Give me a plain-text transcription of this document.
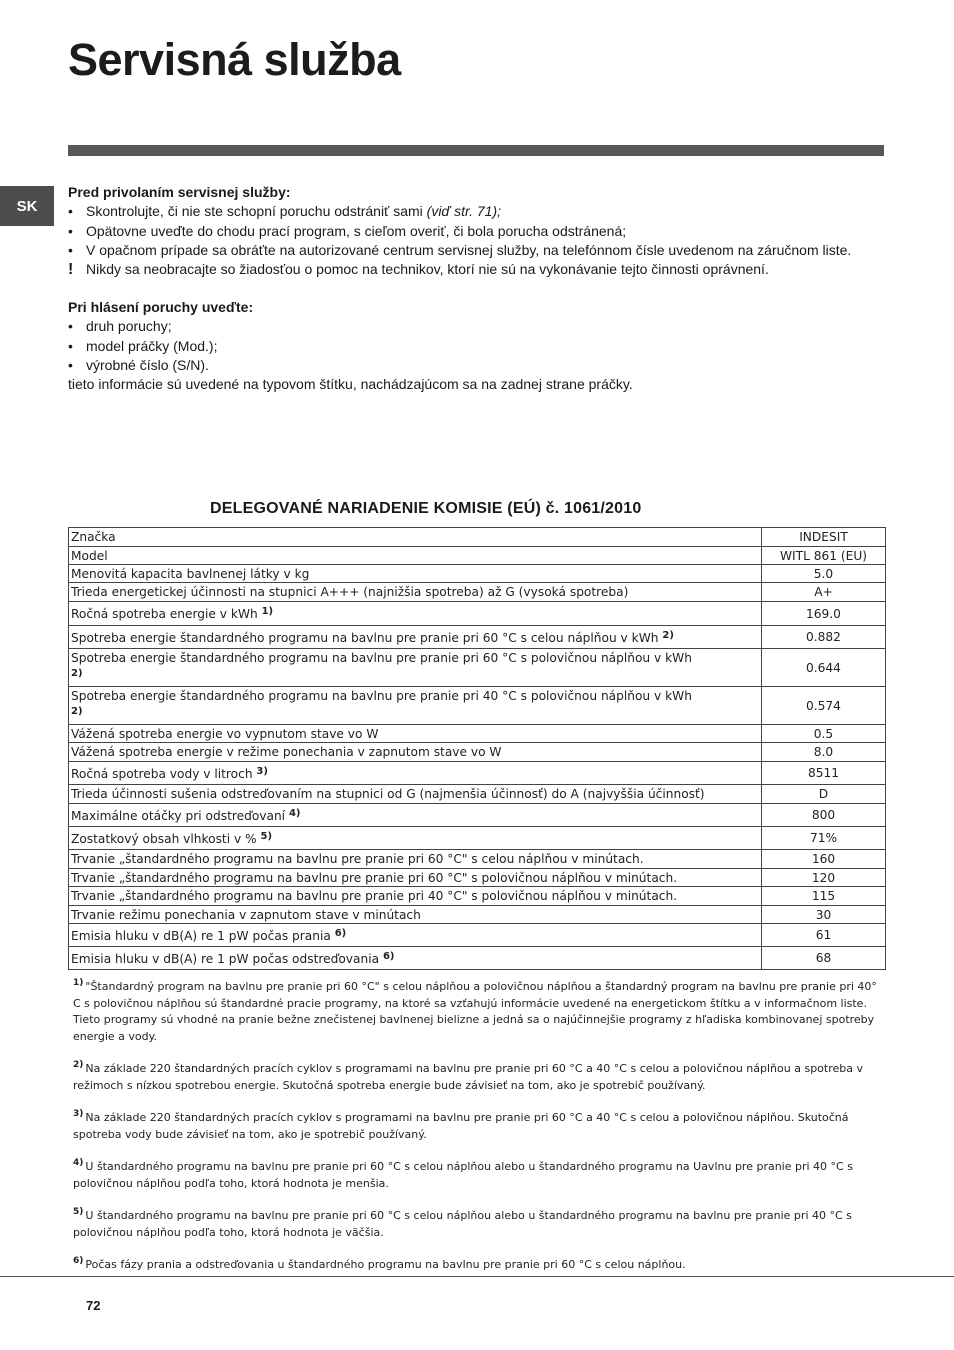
Servisná služba
SK
Pred privolaním servisnej služby:
• Skontrolujte, či nie ste schopní poruchu odstrániť sami (viď str. 71);
• Opätovne uveďte do chodu prací program, s cieľom overiť, či bola porucha odstránená;
• V opačnom prípade sa obráťte na autorizované centrum servisnej služby, na telefónnom čísle uvedenom na záručnom liste.
! Nikdy sa neobracajte so žiadosťou o pomoc na technikov, ktorí nie sú na vykonávanie tejto činnosti oprávnení.
Pri hlásení poruchy uveďte:
• druh poruchy;
• model práčky (Mod.);
• výrobné číslo (S/N).
tieto informácie sú uvedené na typovom štítku, nachádzajúcom sa na zadnej strane práčky.
DELEGOVANÉ NARIADENIE KOMISIE (EÚ) č. 1061/2010
Značka	INDESIT
Model	WITL 861 (EU)
Menovitá kapacita bavlnenej látky v kg	5.0
Trieda energetickej účinnosti na stupnici A+++ (najnižšia spotreba) až G (vysoká spotreba)	A+
Ročná spotreba energie v kWh $^{1)}$	169.0
Spotreba energie štandardného programu na bavlnu pre pranie pri 60 °C s celou náplňou v kWh $^{2)}$	0.882

Spotreba energie štandardného programu na bavlnu pre pranie pri 60 °C s polovičnou náplňou v kWh
2)	0.644

Spotreba energie štandardného programu na bavlnu pre pranie pri 40 °C s polovičnou náplňou v kWh
2)	0.574
Vážená spotreba energie vo vypnutom stave vo W	0.5
Vážená spotreba energie v režime ponechania v zapnutom stave vo W	8.0
Ročná spotreba vody v litroch $^{3)}$	8511
Trieda účinnosti sušenia odstreďovaním na stupnici od G (najmenšia účinnosť) do A (najvyššia účinnosť)	D
Maximálne otáčky pri odstreďovaní $^{4)}$	800
Zostatkový obsah vlhkosti v % $^{5)}$	71%
Trvanie „štandardného programu na bavlnu pre pranie pri 60 °C" s celou náplňou v minútach.	160
Trvanie „štandardného programu na bavlnu pre pranie pri 60 °C" s polovičnou náplňou v minútach.	120
Trvanie „štandardného programu na bavlnu pre pranie pri 40 °C" s polovičnou náplňou v minútach.	115
Trvanie režimu ponechania v zapnutom stave v minútach	30
Emisia hluku v dB(A) re 1 pW počas prania $^{6)}$	61
Emisia hluku v dB(A) re 1 pW počas odstreďovania $^{6)}$	68
$^{1)}$ "Štandardný program na bavlnu pre pranie pri 60 °C" s celou náplňou a polovičnou náplňou a štandardný program na bavlnu pre pranie pri 40° C s polovičnou náplňou sú štandardné pracie programy, na ktoré sa vzťahujú informácie uvedené na energetickom štítku a v informačnom liste. Tieto programy sú vhodné na pranie bežne znečistenej bavlnenej bielizne a jedná sa o najúčinnejšie programy z hľadiska kombinovanej spotreby energie a vody.
$^{2)}$ Na základe 220 štandardných pracích cyklov s programami na bavlnu pre pranie pri 60 °C a 40 °C s celou a polovičnou náplňou a spotreba v režimoch s nízkou spotrebou energie. Skutočná spotreba energie bude závisieť na tom, ako je spotrebič používaný.
$^{3)}$ Na základe 220 štandardných pracích cyklov s programami na bavlnu pre pranie pri 60 °C a 40 °C s celou a polovičnou náplňou. Skutočná spotreba vody bude závisieť na tom, ako je spotrebič používaný.
$^{4)}$ U štandardného programu na bavlnu pre pranie pri 60 °C s celou náplňou alebo u štandardného programu na Uavlnu pre pranie pri 40 °C s polovičnou náplňou podľa toho, ktorá hodnota je menšia.
$^{5)}$ U štandardného programu na bavlnu pre pranie pri 60 °C s celou náplňou alebo u štandardného programu na bavlnu pre pranie pri 40 °C s polovičnou náplňou podľa toho, ktorá hodnota je väčšia.
$^{6)}$ Počas fázy prania a odstreďovania u štandardného programu na bavlnu pre pranie pri 60 °C s celou náplňou.
72
